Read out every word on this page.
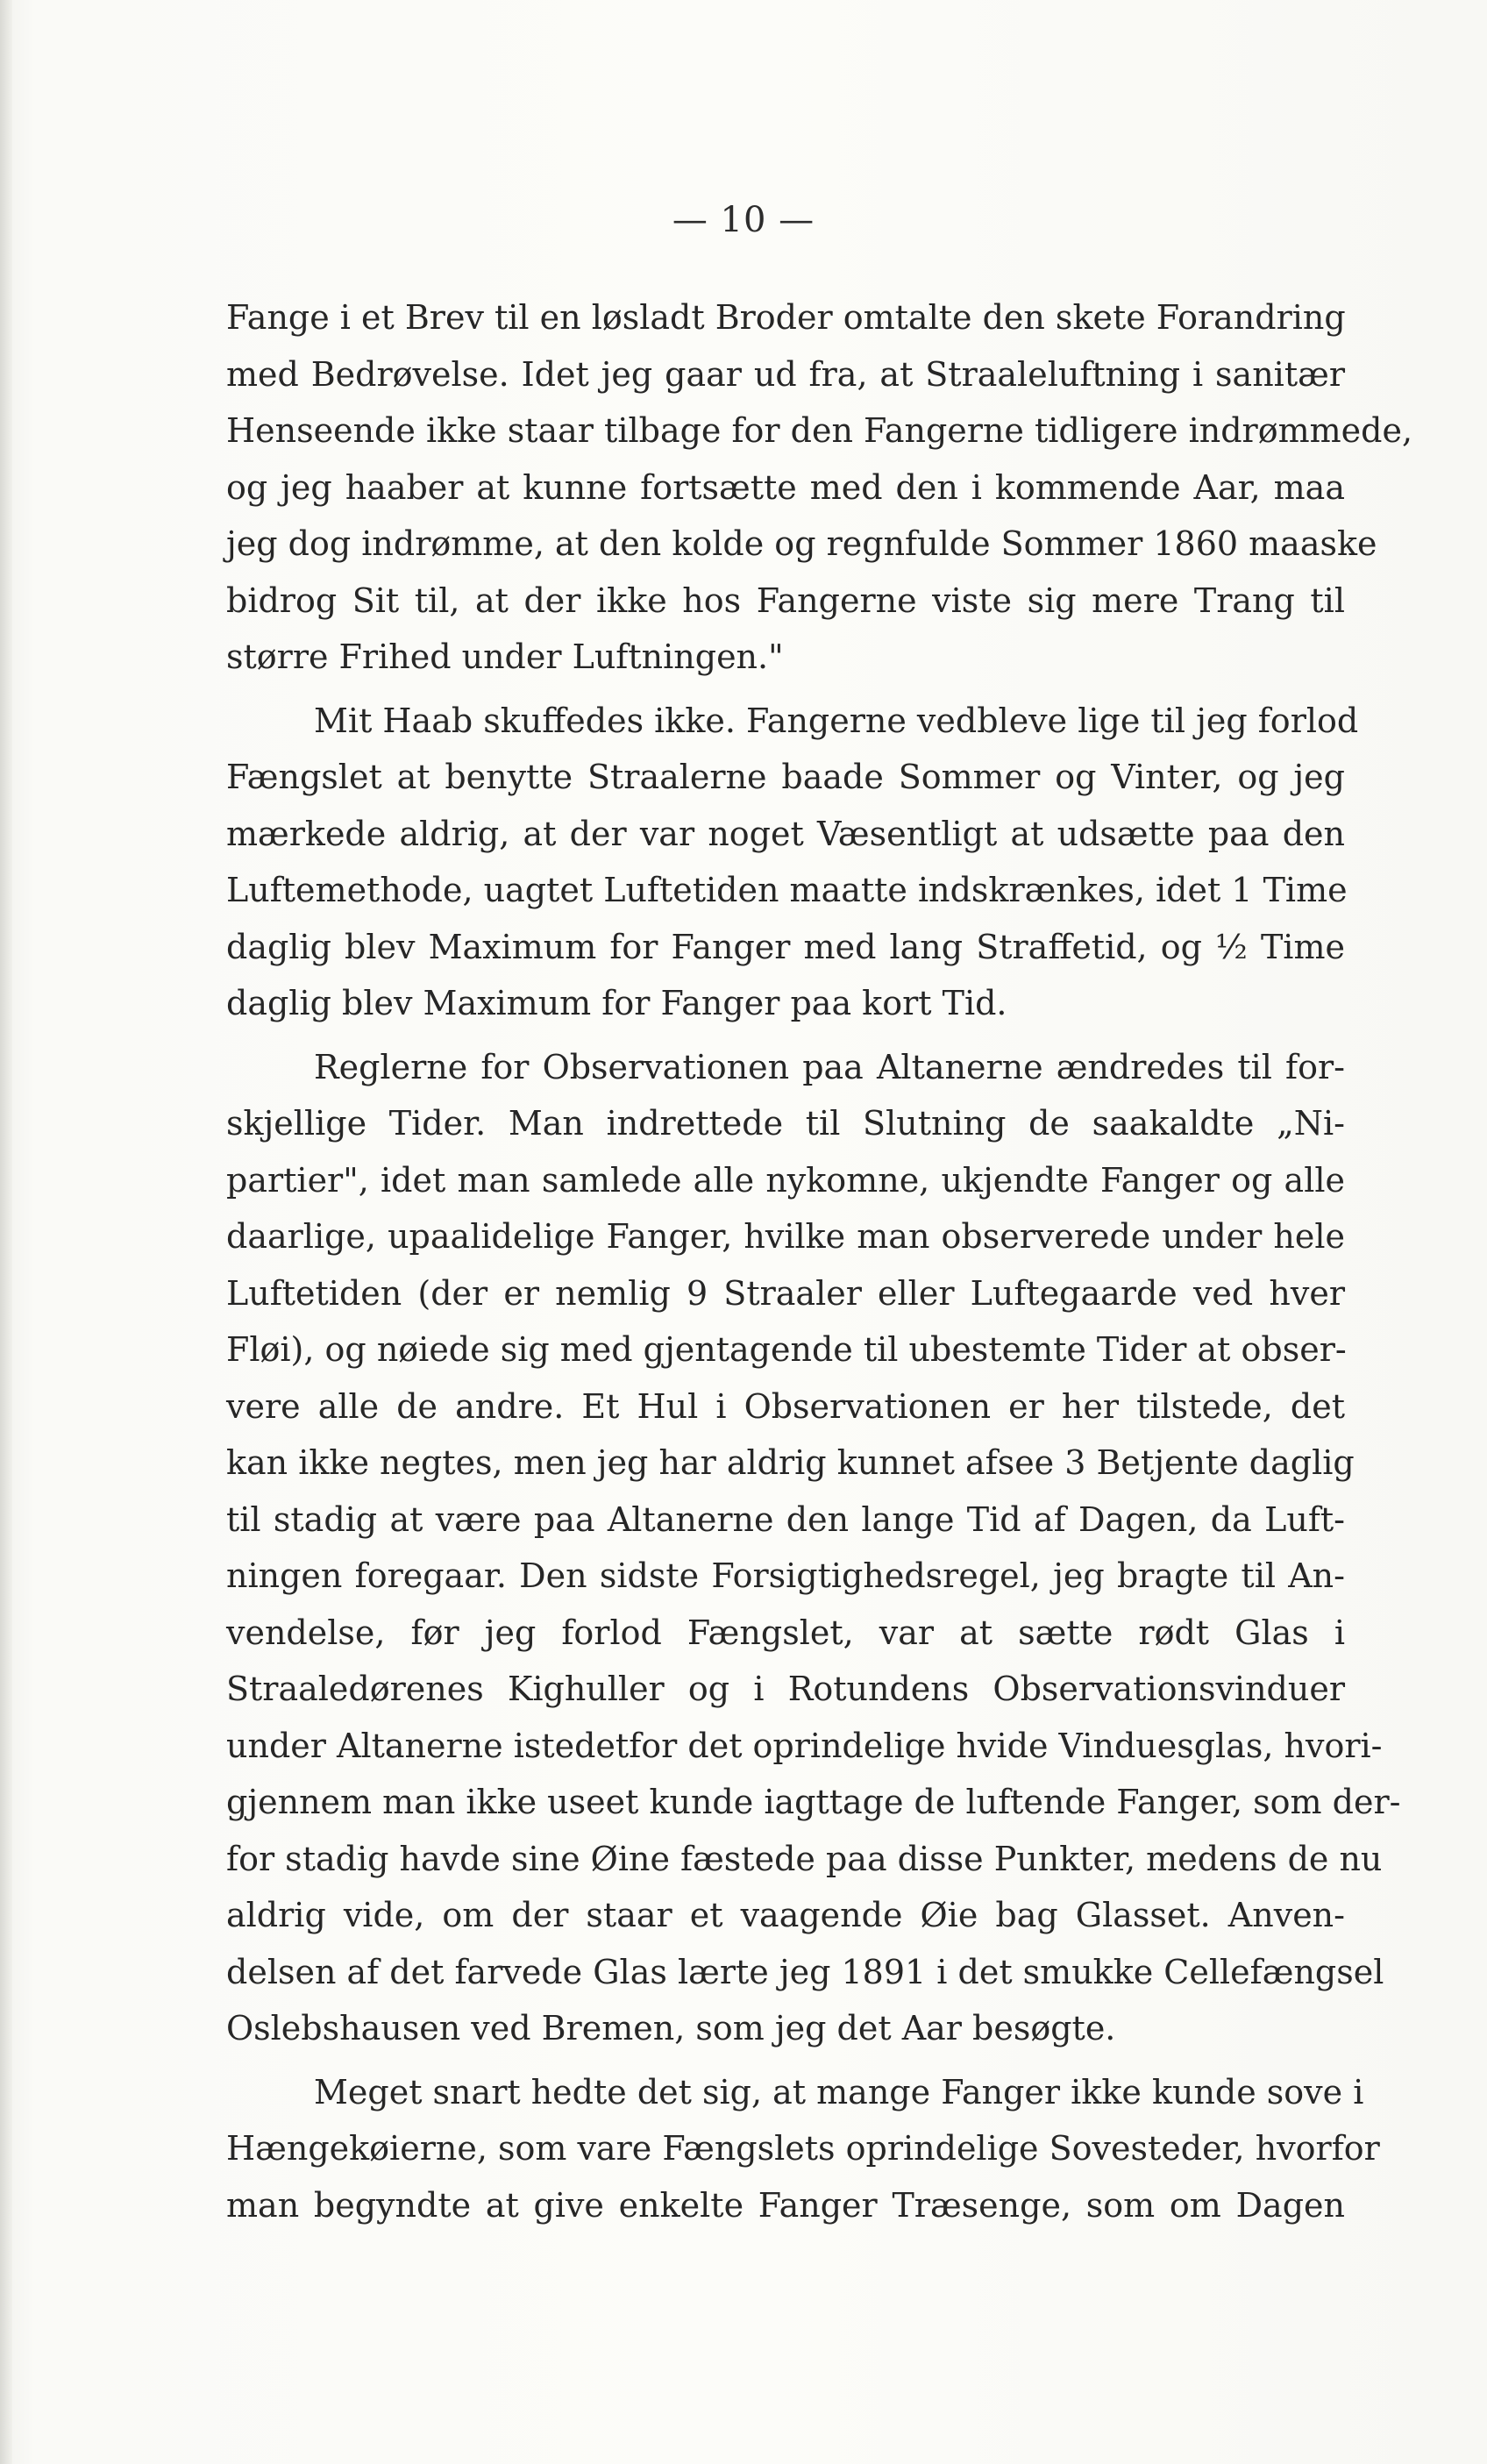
— 10 —
Fange i et Brev til en løsladt Broder omtalte den skete Forandring
med Bedrøvelse. Idet jeg gaar ud fra, at Straaleluftning i sanitær
Henseende ikke staar tilbage for den Fangerne tidligere indrømmede,
og jeg haaber at kunne fortsætte med den i kommende Aar, maa
jeg dog indrømme, at den kolde og regnfulde Sommer 1860 maaske
bidrog Sit til, at der ikke hos Fangerne viste sig mere Trang til
større Frihed under Luftningen."
Mit Haab skuffedes ikke. Fangerne vedbleve lige til jeg forlod
Fængslet at benytte Straalerne baade Sommer og Vinter, og jeg
mærkede aldrig, at der var noget Væsentligt at udsætte paa den
Luftemethode, uagtet Luftetiden maatte indskrænkes, idet 1 Time
daglig blev Maximum for Fanger med lang Straffetid, og ½ Time
daglig blev Maximum for Fanger paa kort Tid.
Reglerne for Observationen paa Altanerne ændredes til for-
skjellige Tider. Man indrettede til Slutning de saakaldte „Ni-
partier", idet man samlede alle nykomne, ukjendte Fanger og alle
daarlige, upaalidelige Fanger, hvilke man observerede under hele
Luftetiden (der er nemlig 9 Straaler eller Luftegaarde ved hver
Fløi), og nøiede sig med gjentagende til ubestemte Tider at obser-
vere alle de andre. Et Hul i Observationen er her tilstede, det
kan ikke negtes, men jeg har aldrig kunnet afsee 3 Betjente daglig
til stadig at være paa Altanerne den lange Tid af Dagen, da Luft-
ningen foregaar. Den sidste Forsigtighedsregel, jeg bragte til An-
vendelse, før jeg forlod Fængslet, var at sætte rødt Glas i
Straaledørenes Kighuller og i Rotundens Observationsvinduer
under Altanerne istedetfor det oprindelige hvide Vinduesglas, hvori-
gjennem man ikke useet kunde iagttage de luftende Fanger, som der-
for stadig havde sine Øine fæstede paa disse Punkter, medens de nu
aldrig vide, om der staar et vaagende Øie bag Glasset. Anven-
delsen af det farvede Glas lærte jeg 1891 i det smukke Cellefængsel
Oslebshausen ved Bremen, som jeg det Aar besøgte.
Meget snart hedte det sig, at mange Fanger ikke kunde sove i
Hængekøierne, som vare Fængslets oprindelige Sovesteder, hvorfor
man begyndte at give enkelte Fanger Træsenge, som om Dagen
